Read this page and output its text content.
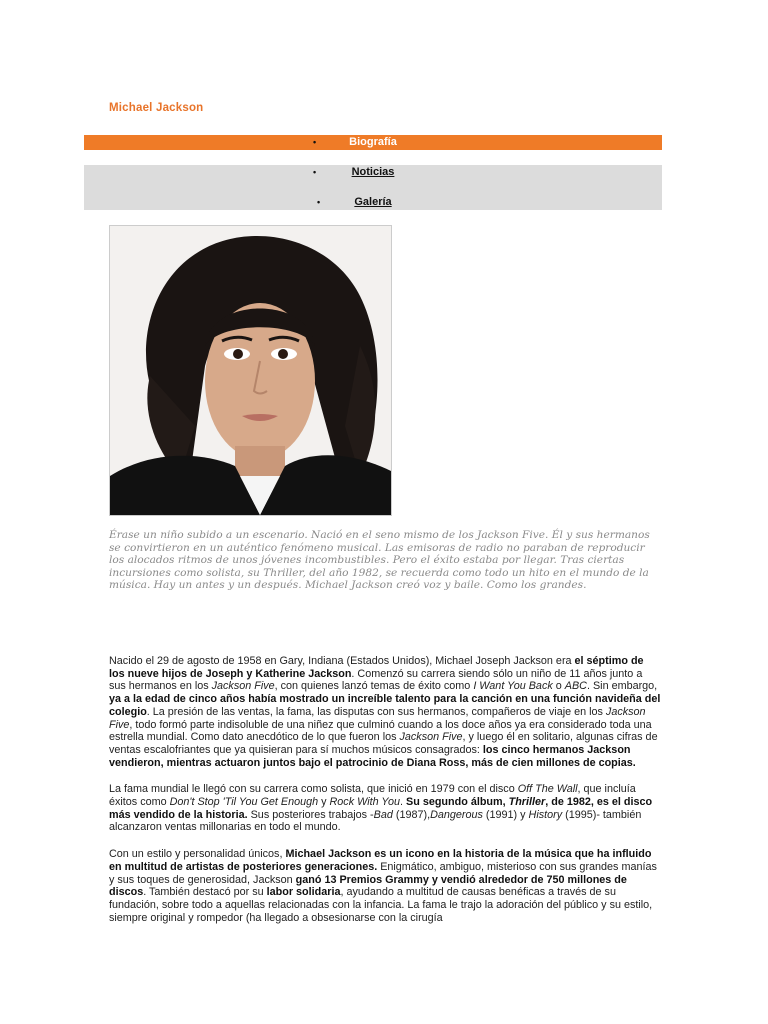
Michael Jackson
•	Biografía
•	Noticias
•	Galería

Érase un niño subido a un escenario. Nació en el seno mismo de los Jackson Five. Él y sus hermanos se convirtieron en un auténtico fenómeno musical. Las emisoras de radio no paraban de reproducir los alocados ritmos de unos jóvenes incombustibles. Pero el éxito estaba por llegar. Tras ciertas incursiones como solista, su Thriller, del año 1982, se recuerda como todo un hito en el mundo de la música. Hay un antes y un después. Michael Jackson creó voz y baile. Como los grandes.

Nacido el 29 de agosto de 1958 en Gary, Indiana (Estados Unidos), Michael Joseph Jackson era el séptimo de los nueve hijos de Joseph y Katherine Jackson. Comenzó su carrera siendo sólo un niño de 11 años junto a sus hermanos en los Jackson Five, con quienes lanzó temas de éxito como I Want You Back o ABC. Sin embargo, ya a la edad de cinco años había mostrado un increíble talento para la canción en una función navideña del colegio. La presión de las ventas, la fama, las disputas con sus hermanos, compañeros de viaje en los Jackson Five, todo formó parte indisoluble de una niñez que culminó cuando a los doce años ya era considerado toda una estrella mundial. Como dato anecdótico de lo que fueron los Jackson Five, y luego él en solitario, algunas cifras de ventas escalofriantes que ya quisieran para sí muchos músicos consagrados: los cinco hermanos Jackson vendieron, mientras actuaron juntos bajo el patrocinio de Diana Ross, más de cien millones de copias.

La fama mundial le llegó con su carrera como solista, que inició en 1979 con el disco Off The Wall, que incluía éxitos como Don't Stop 'Til You Get Enough y Rock With You. Su segundo álbum, Thriller, de 1982, es el disco más vendido de la historia. Sus posteriores trabajos -Bad (1987),Dangerous (1991) y History (1995)- también alcanzaron ventas millonarias en todo el mundo.

Con un estilo y personalidad únicos, Michael Jackson es un icono en la historia de la música que ha influido en multitud de artistas de posteriores generaciones. Enigmático, ambiguo, misterioso con sus grandes manías y sus toques de generosidad, Jackson ganó 13 Premios Grammy y vendió alrededor de 750 millones de discos. También destacó por su labor solidaria, ayudando a multitud de causas benéficas a través de su fundación, sobre todo a aquellas relacionadas con la infancia. La fama le trajo la adoración del público y su estilo, siempre original y rompedor (ha llegado a obsesionarse con la cirugía
